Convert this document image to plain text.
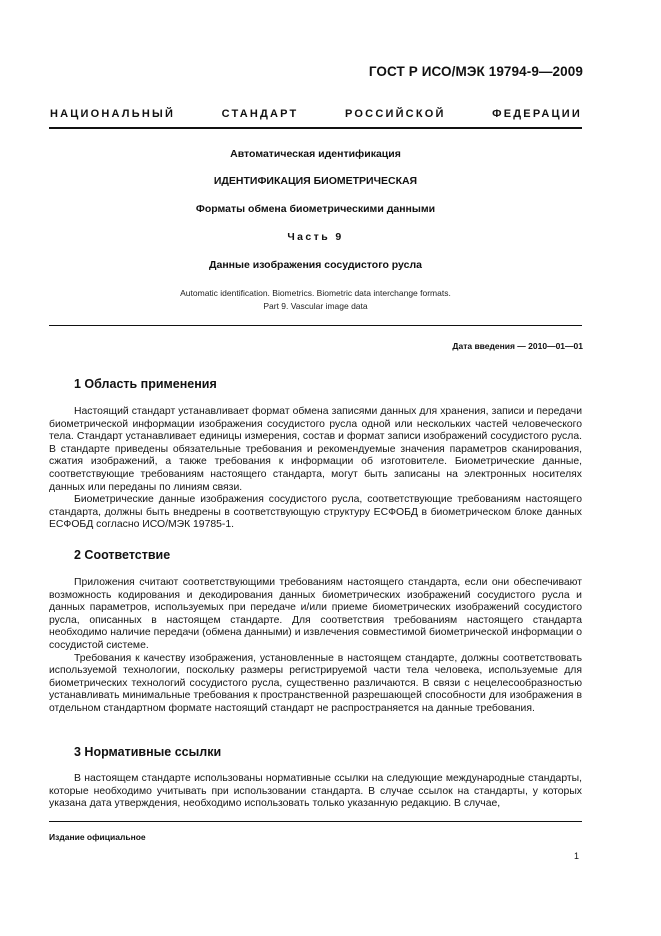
ГОСТ Р ИСО/МЭК 19794-9—2009
НАЦИОНАЛЬНЫЙ СТАНДАРТ РОССИЙСКОЙ ФЕДЕРАЦИИ
Автоматическая идентификация
ИДЕНТИФИКАЦИЯ БИОМЕТРИЧЕСКАЯ
Форматы обмена биометрическими данными
Часть 9
Данные изображения сосудистого русла
Automatic identification. Biometrics. Biometric data interchange formats.
Part 9. Vascular image data
Дата введения — 2010—01—01
1 Область применения

Настоящий стандарт устанавливает формат обмена записями данных для хранения, записи и передачи биометрической информации изображения сосудистого русла одной или нескольких частей человеческого тела. Стандарт устанавливает единицы измерения, состав и формат записи изображений сосудистого русла. В стандарте приведены обязательные требования и рекомендуемые значения параметров сканирования, сжатия изображений, а также требования к информации об изготовителе. Биометрические данные, соответствующие требованиям настоящего стандарта, могут быть записаны на электронных носителях данных или переданы по линиям связи.

Биометрические данные изображения сосудистого русла, соответствующие требованиям настоящего стандарта, должны быть внедрены в соответствующую структуру ЕСФОБД в биометрическом блоке данных ЕСФОБД согласно ИСО/МЭК 19785-1.

2 Соответствие

Приложения считают соответствующими требованиям настоящего стандарта, если они обеспечивают возможность кодирования и декодирования данных биометрических изображений сосудистого русла и данных параметров, используемых при передаче и/или приеме биометрических изображений сосудистого русла, описанных в настоящем стандарте. Для соответствия требованиям настоящего стандарта необходимо наличие передачи (обмена данными) и извлечения совместимой биометрической информации о сосудистой системе.

Требования к качеству изображения, установленные в настоящем стандарте, должны соответствовать используемой технологии, поскольку размеры регистрируемой части тела человека, используемые для биометрических технологий сосудистого русла, существенно различаются. В связи с нецелесообразностью устанавливать минимальные требования к пространственной разрешающей способности для изображения в отдельном стандартном формате настоящий стандарт не распространяется на данные требования.

3 Нормативные ссылки

В настоящем стандарте использованы нормативные ссылки на следующие международные стандарты, которые необходимо учитывать при использовании стандарта. В случае ссылок на стандарты, у которых указана дата утверждения, необходимо использовать только указанную редакцию. В случае,

Издание официальное
1
